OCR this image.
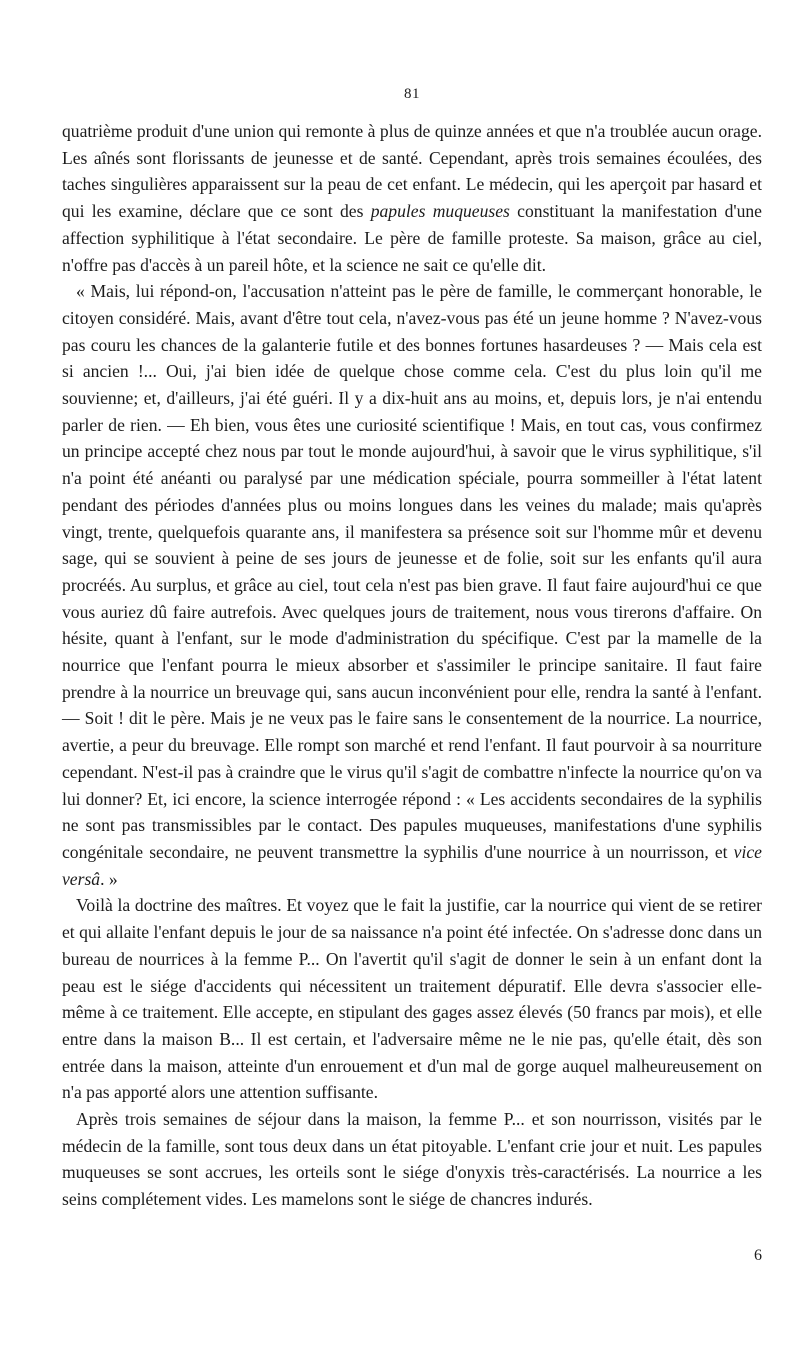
81

quatrième produit d'une union qui remonte à plus de quinze années et que n'a troublée aucun orage. Les aînés sont florissants de jeunesse et de santé. Cependant, après trois semaines écoulées, des taches singulières apparaissent sur la peau de cet enfant. Le médecin, qui les aperçoit par hasard et qui les examine, déclare que ce sont des papules muqueuses constituant la manifestation d'une affection syphilitique à l'état secondaire. Le père de famille proteste. Sa maison, grâce au ciel, n'offre pas d'accès à un pareil hôte, et la science ne sait ce qu'elle dit.

« Mais, lui répond-on, l'accusation n'atteint pas le père de famille, le commerçant honorable, le citoyen considéré. Mais, avant d'être tout cela, n'avez-vous pas été un jeune homme ? N'avez-vous pas couru les chances de la galanterie futile et des bonnes fortunes hasardeuses ? — Mais cela est si ancien !... Oui, j'ai bien idée de quelque chose comme cela. C'est du plus loin qu'il me souvienne; et, d'ailleurs, j'ai été guéri. Il y a dix-huit ans au moins, et, depuis lors, je n'ai entendu parler de rien. — Eh bien, vous êtes une curiosité scientifique ! Mais, en tout cas, vous confirmez un principe accepté chez nous par tout le monde aujourd'hui, à savoir que le virus syphilitique, s'il n'a point été anéanti ou paralysé par une médication spéciale, pourra sommeiller à l'état latent pendant des périodes d'années plus ou moins longues dans les veines du malade; mais qu'après vingt, trente, quelquefois quarante ans, il manifestera sa présence soit sur l'homme mûr et devenu sage, qui se souvient à peine de ses jours de jeunesse et de folie, soit sur les enfants qu'il aura procréés. Au surplus, et grâce au ciel, tout cela n'est pas bien grave. Il faut faire aujourd'hui ce que vous auriez dû faire autrefois. Avec quelques jours de traitement, nous vous tirerons d'affaire. On hésite, quant à l'enfant, sur le mode d'administration du spécifique. C'est par la mamelle de la nourrice que l'enfant pourra le mieux absorber et s'assimiler le principe sanitaire. Il faut faire prendre à la nourrice un breuvage qui, sans aucun inconvénient pour elle, rendra la santé à l'enfant. — Soit ! dit le père. Mais je ne veux pas le faire sans le consentement de la nourrice. La nourrice, avertie, a peur du breuvage. Elle rompt son marché et rend l'enfant. Il faut pourvoir à sa nourriture cependant. N'est-il pas à craindre que le virus qu'il s'agit de combattre n'infecte la nourrice qu'on va lui donner? Et, ici encore, la science interrogée répond : « Les accidents secondaires de la syphilis ne sont pas transmissibles par le contact. Des papules muqueuses, manifestations d'une syphilis congénitale secondaire, ne peuvent transmettre la syphilis d'une nourrice à un nourrisson, et vice versâ. »

Voilà la doctrine des maîtres. Et voyez que le fait la justifie, car la nourrice qui vient de se retirer et qui allaite l'enfant depuis le jour de sa naissance n'a point été infectée. On s'adresse donc dans un bureau de nourrices à la femme P... On l'avertit qu'il s'agit de donner le sein à un enfant dont la peau est le siége d'accidents qui nécessitent un traitement dépuratif. Elle devra s'associer elle-même à ce traitement. Elle accepte, en stipulant des gages assez élevés (50 francs par mois), et elle entre dans la maison B... Il est certain, et l'adversaire même ne le nie pas, qu'elle était, dès son entrée dans la maison, atteinte d'un enrouement et d'un mal de gorge auquel malheureusement on n'a pas apporté alors une attention suffisante.

Après trois semaines de séjour dans la maison, la femme P... et son nourrisson, visités par le médecin de la famille, sont tous deux dans un état pitoyable. L'enfant crie jour et nuit. Les papules muqueuses se sont accrues, les orteils sont le siége d'onyxis très-caractérisés. La nourrice a les seins complétement vides. Les mamelons sont le siége de chancres indurés.

6
